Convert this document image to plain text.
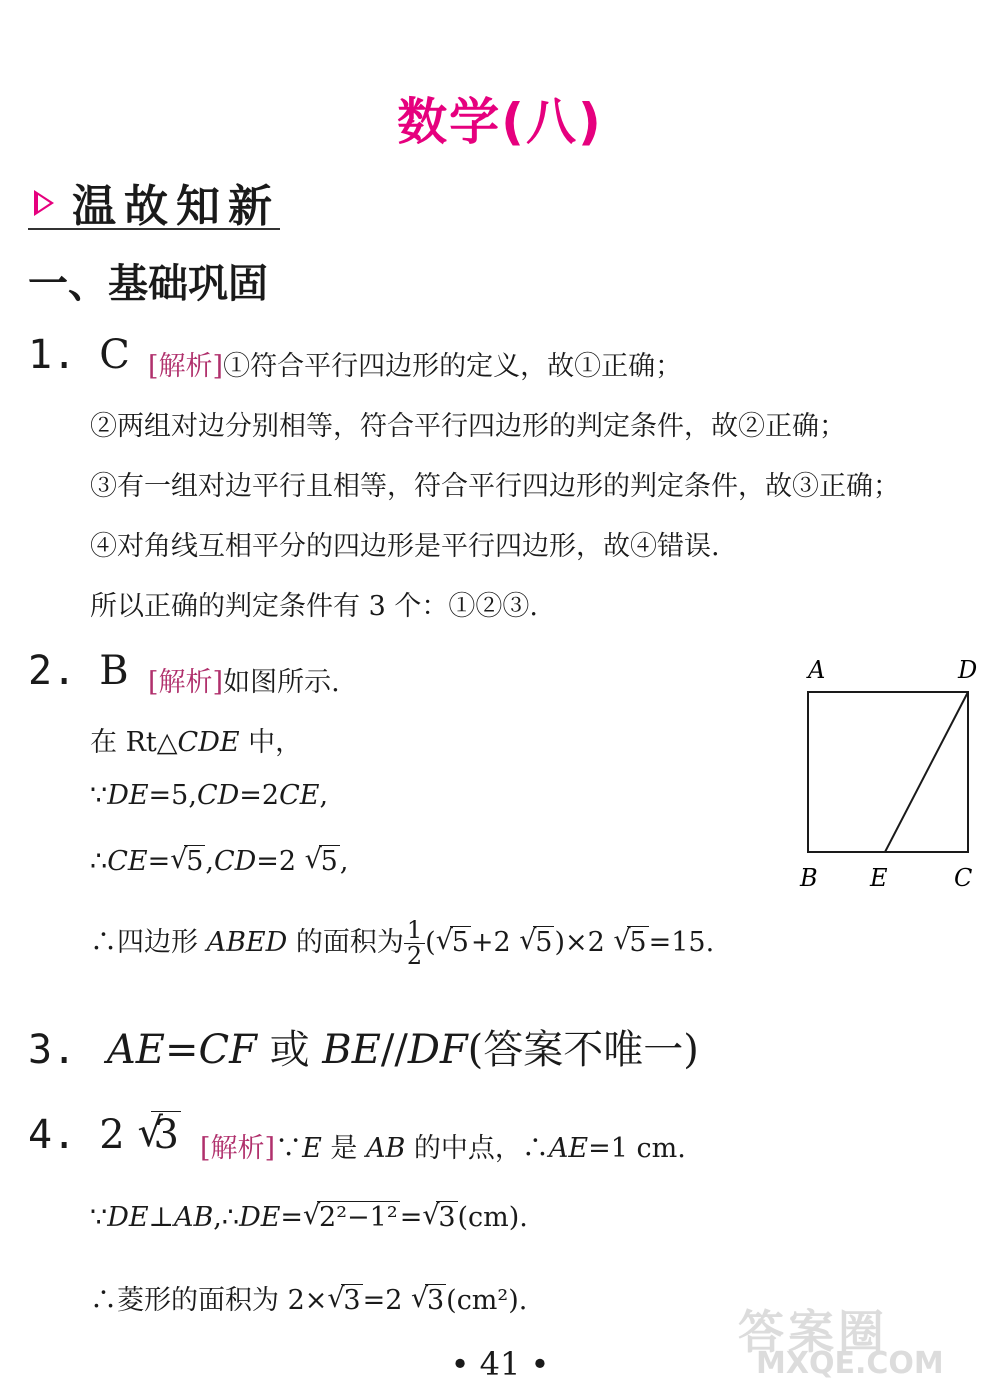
数学(八)
温故知新
一、基础巩固
1. C [解析]①符合平行四边形的定义，故①正确；
②两组对边分别相等，符合平行四边形的判定条件，故②正确；
③有一组对边平行且相等，符合平行四边形的判定条件，故③正确；
④对角线互相平分的四边形是平行四边形，故④错误.
所以正确的判定条件有 3 个：①②③.
2. B [解析]如图所示.
在 Rt△CDE 中，
∵DE=5,CD=2CE,
∴CE= √ 5,CD=2 √ 5,
∴四边形 ABED 的面积为 $\frac{1}{2}$ ( √ 5+2 √ 5)×2 √ 5=15.
A	D
B E	C
3. AE=CF 或 BE//DF(答案不唯一)
4. 2 √ 3 [解析]∵E 是 AB 的中点，∴AE=1 cm.
∵DE⊥AB,∴DE= √ 2²−1²= √ 3(cm).
∴菱形的面积为 2× √ 3=2 √ 3(cm²).
• 41 •
答案圈
MXQE.COM
